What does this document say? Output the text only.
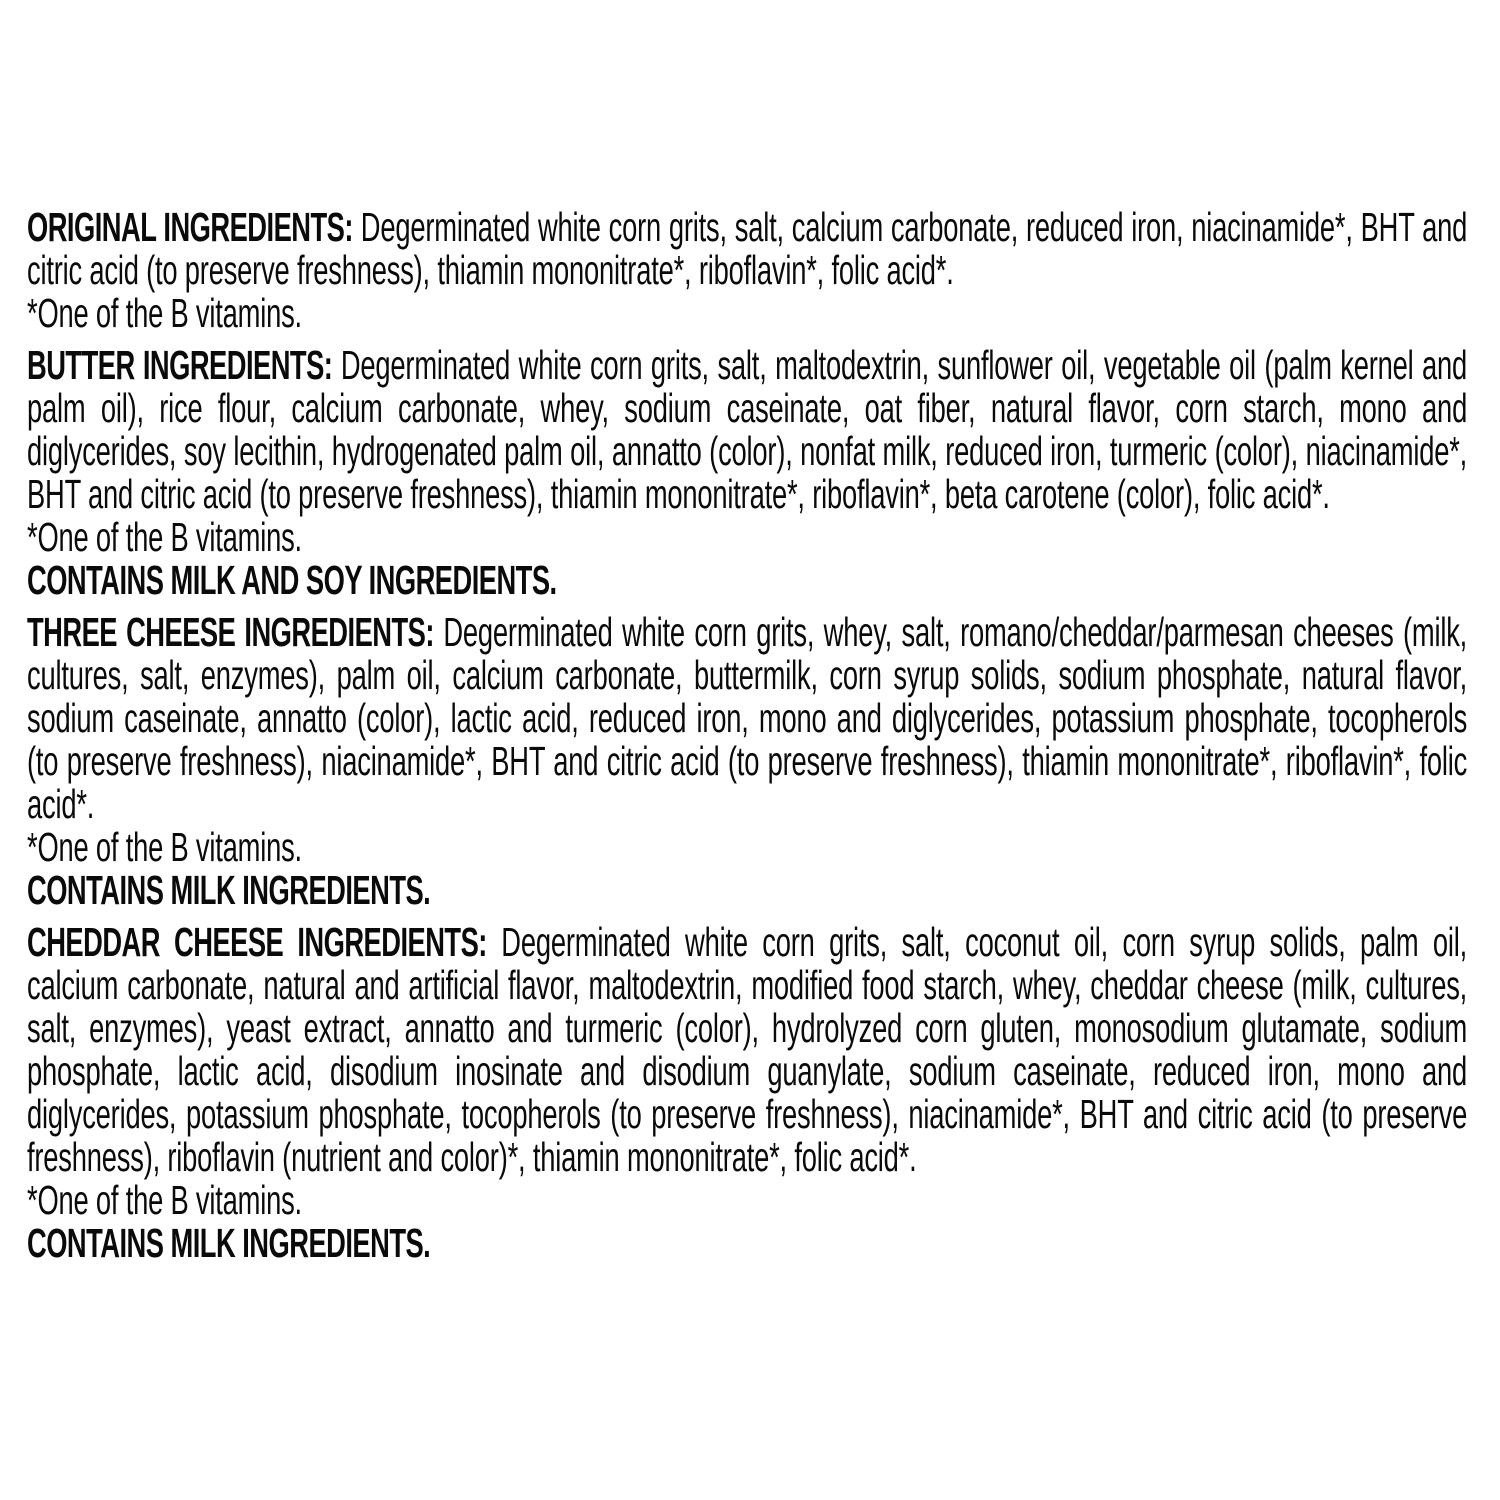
ORIGINAL INGREDIENTS: Degerminated white corn grits, salt, calcium carbonate, reduced iron, niacinamide*, BHT and citric acid (to preserve freshness), thiamin mononitrate*, riboflavin*, folic acid*.

*One of the B vitamins.

BUTTER INGREDIENTS: Degerminated white corn grits, salt, maltodextrin, sunflower oil, vegetable oil (palm kernel and palm oil), rice flour, calcium carbonate, whey, sodium caseinate, oat fiber, natural flavor, corn starch, mono and diglycerides, soy lecithin, hydrogenated palm oil, annatto (color), nonfat milk, reduced iron, turmeric (color), niacinamide*, BHT and citric acid (to preserve freshness), thiamin mononitrate*, riboflavin*, beta carotene (color), folic acid*.

*One of the B vitamins.
CONTAINS MILK AND SOY INGREDIENTS.

THREE CHEESE INGREDIENTS: Degerminated white corn grits, whey, salt, romano/cheddar/parmesan cheeses (milk, cultures, salt, enzymes), palm oil, calcium carbonate, buttermilk, corn syrup solids, sodium phosphate, natural flavor, sodium caseinate, annatto (color), lactic acid, reduced iron, mono and diglycerides, potassium phosphate, tocopherols (to preserve freshness), niacinamide*, BHT and citric acid (to preserve freshness), thiamin mononitrate*, riboflavin*, folic acid*.

*One of the B vitamins.
CONTAINS MILK INGREDIENTS.

CHEDDAR CHEESE INGREDIENTS: Degerminated white corn grits, salt, coconut oil, corn syrup solids, palm oil, calcium carbonate, natural and artificial flavor, maltodextrin, modified food starch, whey, cheddar cheese (milk, cultures, salt, enzymes), yeast extract, annatto and turmeric (color), hydrolyzed corn gluten, monosodium glutamate, sodium phosphate, lactic acid, disodium inosinate and disodium guanylate, sodium caseinate, reduced iron, mono and diglycerides, potassium phosphate, tocopherols (to preserve freshness), niacinamide*, BHT and citric acid (to preserve freshness), riboflavin (nutrient and color)*, thiamin mononitrate*, folic acid*.

*One of the B vitamins.
CONTAINS MILK INGREDIENTS.
